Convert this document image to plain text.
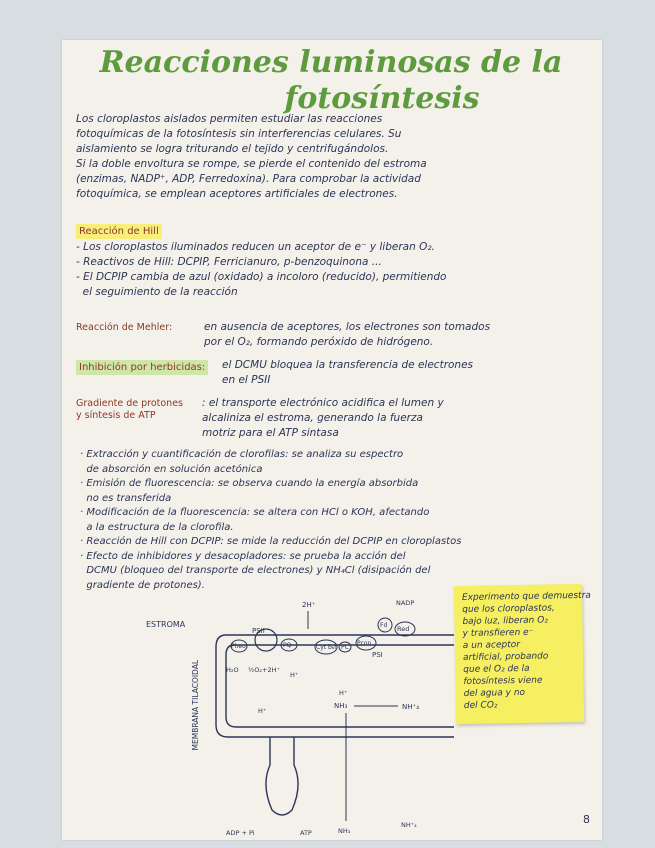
Reacciones luminosas de la
fotosíntesis
Los cloroplastos aislados permiten estudiar las reacciones
fotoquímicas de la fotosíntesis sin interferencias celulares. Su
aislamiento se logra triturando el tejido y centrifugándolos.
Si la doble envoltura se rompe, se pierde el contenido del estroma
(enzimas, NADP⁺, ADP, Ferredoxina). Para comprobar la actividad
fotoquímica, se emplean aceptores artificiales de electrones.
Reacción de Hill
- Los cloroplastos iluminados reducen un aceptor de e⁻ y liberan O₂.
- Reactivos de Hill: DCPIP, Ferricianuro, p-benzoquinona ...
- El DCPIP cambia de azul (oxidado) a incoloro (reducido), permitiendo
el seguimiento de la reacción
Reacción de Mehler:	en ausencia de aceptores, los electrones son tomados
por el O₂, formando peróxido de hidrógeno.
Inhibición por herbicidas: el DCMU bloquea la transferencia de electrones
en el PSII
Gradiente de protones
y síntesis de ATP
: el transporte electrónico acidifica el lumen y
alcaliniza el estroma, generando la fuerza
motriz para el ATP sintasa
· Extracción y cuantificación de clorofilas: se analiza su espectro
de absorción en solución acetónica
· Emisión de fluorescencia: se observa cuando la energía absorbida
no es transferida
· Modificación de la fluorescencia: se altera con HCl o KOH, afectando
a la estructura de la clorofila.
· Reacción de Hill con DCPIP: se mide la reducción del DCPIP en cloroplastos
· Efecto de inhibidores y desacopladores: se prueba la acción del
DCMU (bloqueo del transporte de electrones) y NH₄Cl (disipación del
gradiente de protones).
Experimento que demuestra
que los cloroplastos,
bajo luz, liberan O₂
y transfieren e⁻
a un aceptor
artificial, probando
que el O₂ de la
fotosíntesis viene
del agua y no
del CO₂
ESTROMA
MEMBRANA TILACOIDAL
PSII
Pheo	PQ	Cyt b₆f PC
Pcon
PSI
Fd Red
NADP
2H⁺
H₂O ½O₂+2H⁺
H⁺
H⁺
H⁺
NH₃	NH⁺₄
NH₃
NH⁺₄
ADP + Pi	ATP
8
